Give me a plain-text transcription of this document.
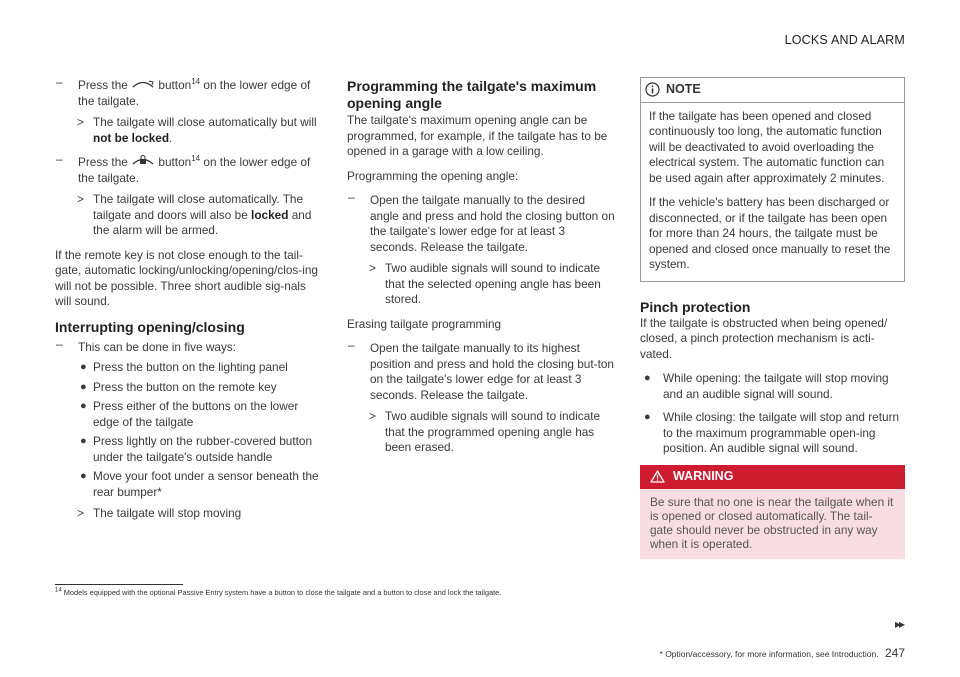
LOCKS AND ALARM
– Press the  button$^{14}$ on the lower edge of the tailgate.
> The tailgate will close automatically but will not be locked.
– Press the  button$^{14}$ on the lower edge of the tailgate.
> The tailgate will close automatically. The tailgate and doors will also be locked and the alarm will be armed.

If the remote key is not close enough to the tail-gate, automatic locking/unlocking/opening/clos-ing will not be possible. Three short audible sig-nals will sound.

Interrupting opening/closing
– This can be done in five ways:
● Press the button on the lighting panel
● Press the button on the remote key
● Press either of the buttons on the lower edge of the tailgate
● Press lightly on the rubber-covered button under the tailgate's outside handle
● Move your foot under a sensor beneath the rear bumper*
> The tailgate will stop moving
Programming the tailgate's maximum opening angle

The tailgate's maximum opening angle can be programmed, for example, if the tailgate has to be opened in a garage with a low ceiling.

Programming the opening angle:

– Open the tailgate manually to the desired angle and press and hold the closing button on the tailgate's lower edge for at least 3 seconds. Release the tailgate.
> Two audible signals will sound to indicate that the selected opening angle has been stored.

Erasing tailgate programming

– Open the tailgate manually to its highest position and press and hold the closing but-ton on the tailgate's lower edge for at least 3 seconds. Release the tailgate.
> Two audible signals will sound to indicate that the programmed opening angle has been erased.
NOTE

If the tailgate has been opened and closed continuously too long, the automatic function will be deactivated to avoid overloading the electrical system. The automatic function can be used again after approximately 2 minutes.

If the vehicle's battery has been discharged or disconnected, or if the tailgate has been open for more than 24 hours, the tailgate must be opened and closed once manually to reset the system.

Pinch protection

If the tailgate is obstructed when being opened/ closed, a pinch protection mechanism is acti-vated.

● While opening: the tailgate will stop moving and an audible signal will sound.
● While closing: the tailgate will stop and return to the maximum programmable open-ing position. An audible signal will sound.
WARNING
Be sure that no one is near the tailgate when it is opened or closed automatically. The tail-gate should never be obstructed in any way when it is operated.
$^{14}$ Models equipped with the optional Passive Entry system have a button to close the tailgate and a button to close and lock the tailgate.
▸▸
* Option/accessory, for more information, see Introduction. 247
